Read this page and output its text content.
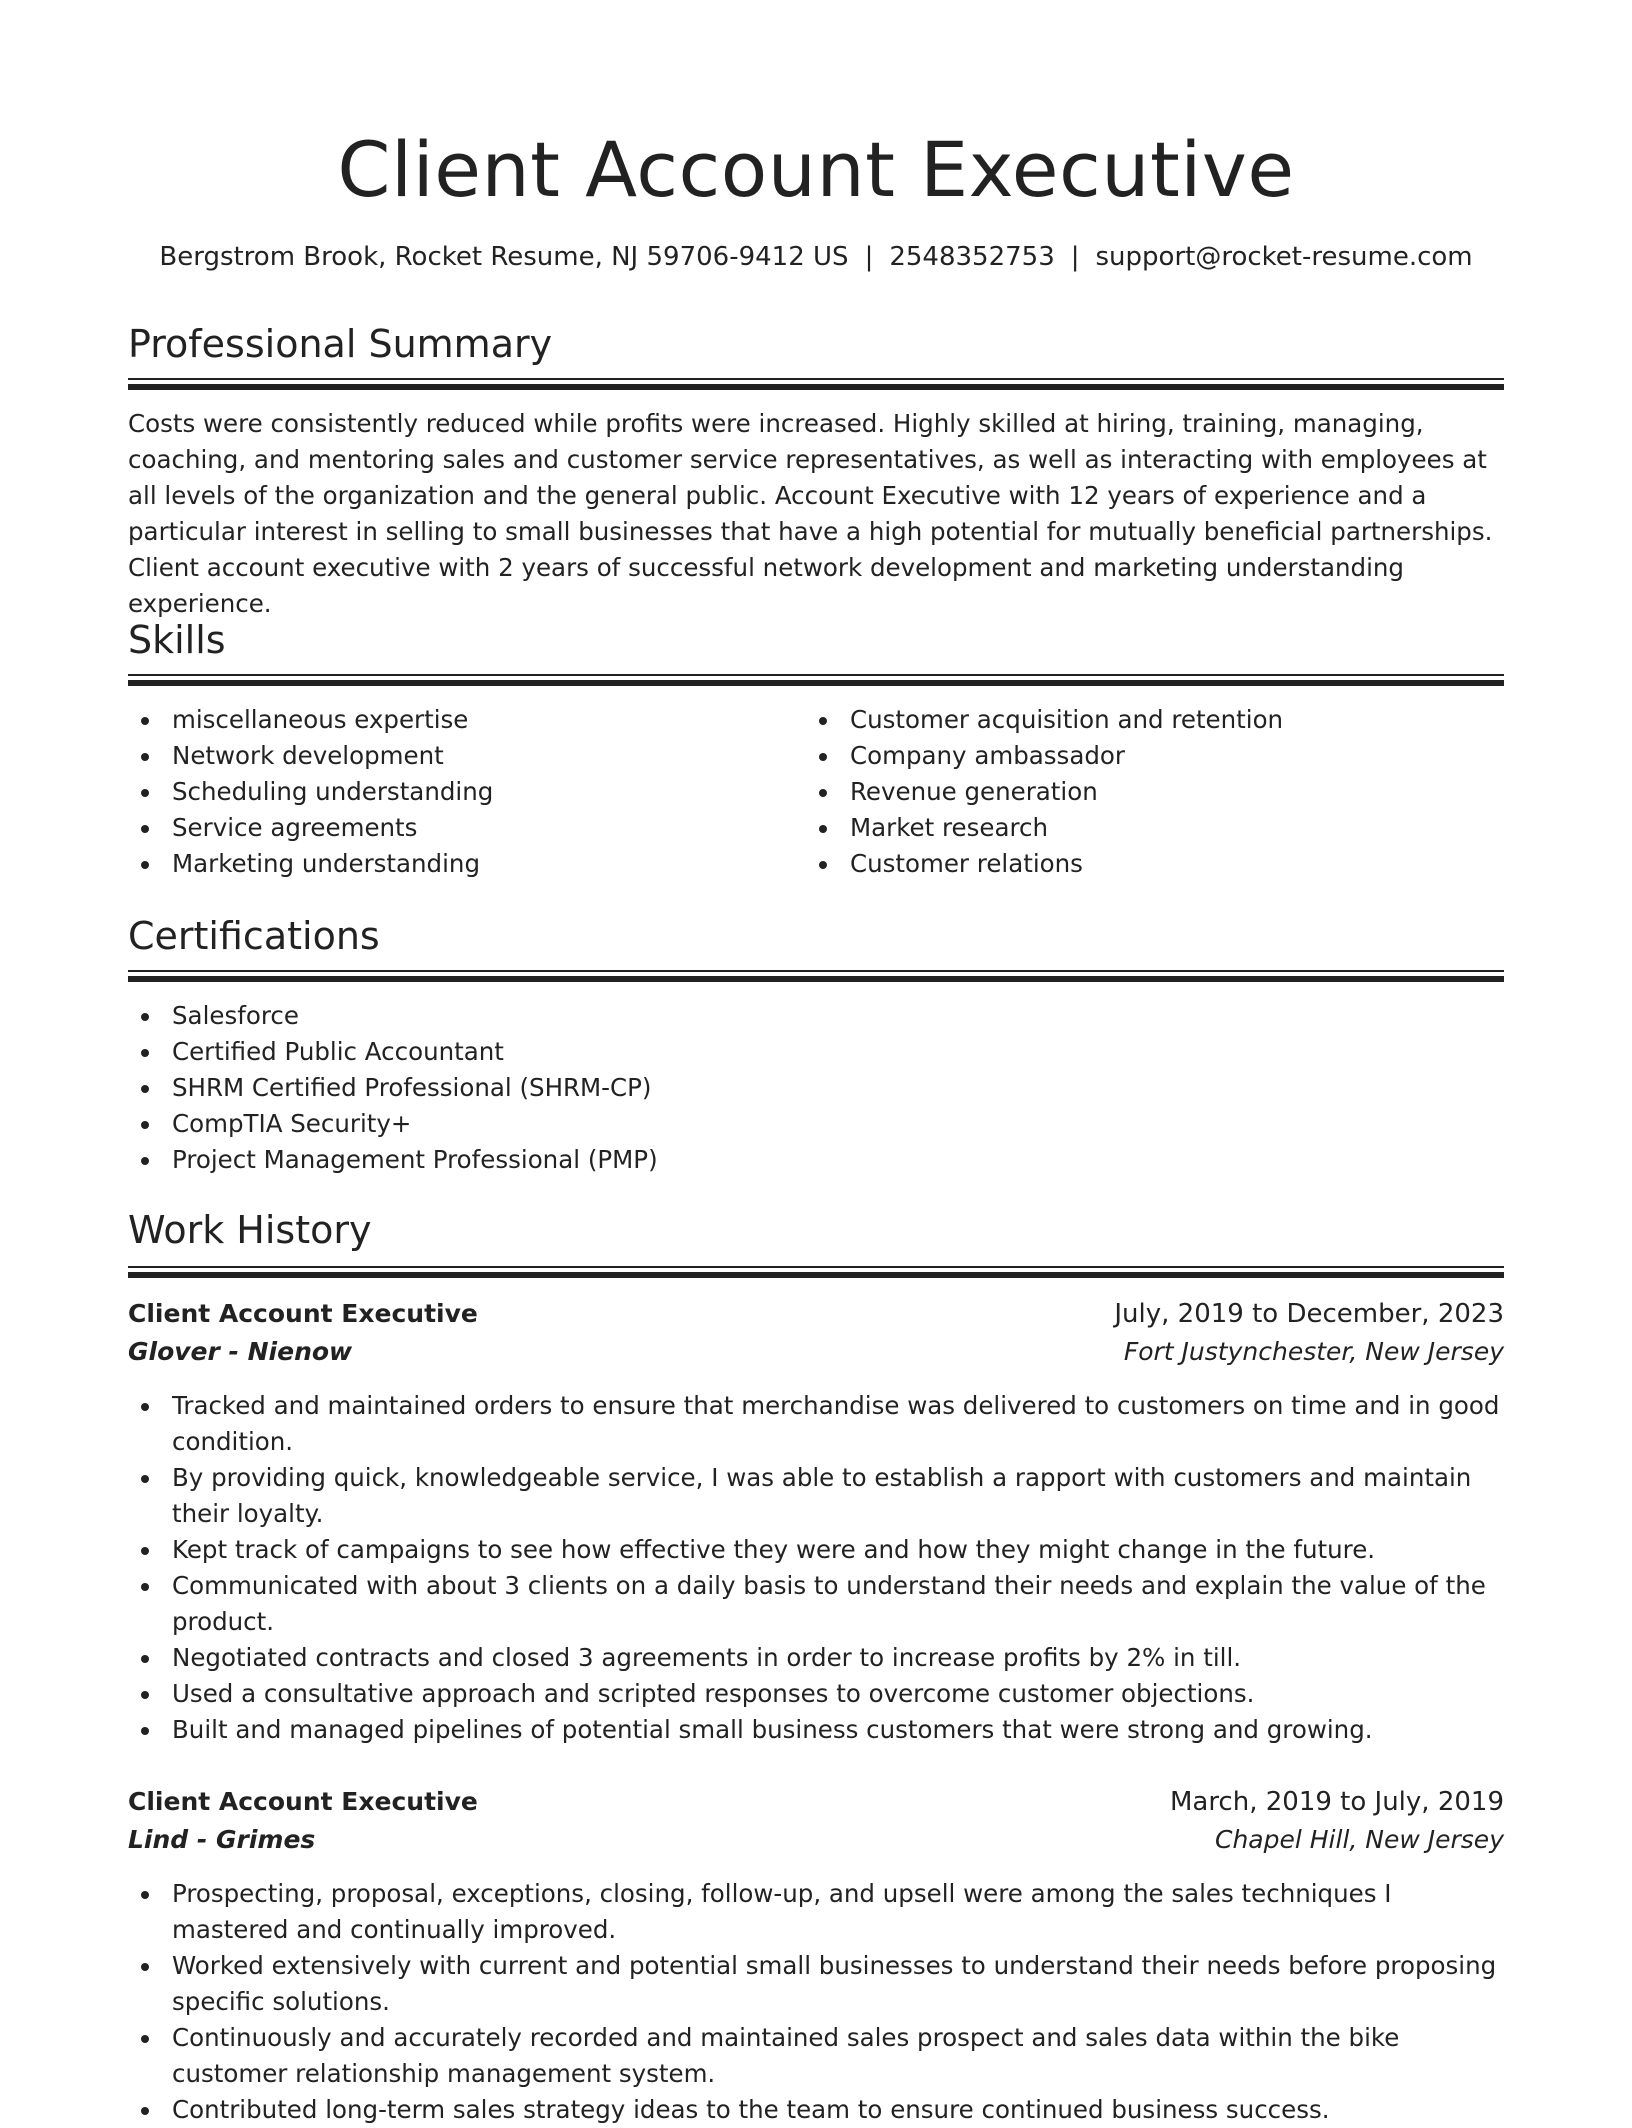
Client Account Executive
Bergstrom Brook, Rocket Resume, NJ 59706-9412 US | 2548352753 | support@rocket-resume.com
Professional Summary

Costs were consistently reduced while profits were increased. Highly skilled at hiring, training, managing, coaching, and mentoring sales and customer service representatives, as well as interacting with employees at all levels of the organization and the general public. Account Executive with 12 years of experience and a particular interest in selling to small businesses that have a high potential for mutually beneficial partnerships. Client account executive with 2 years of successful network development and marketing understanding experience.

Skills
miscellaneous expertise
Network development
Scheduling understanding
Service agreements
Marketing understanding
Customer acquisition and retention
Company ambassador
Revenue generation
Market research
Customer relations
Certifications
Salesforce
Certified Public Accountant
SHRM Certified Professional (SHRM-CP)
CompTIA Security+
Project Management Professional (PMP)
Work History
Client Account Executive	July, 2019 to December, 2023
Glover - Nienow	Fort Justynchester, New Jersey
Tracked and maintained orders to ensure that merchandise was delivered to customers on time and in good condition.
By providing quick, knowledgeable service, I was able to establish a rapport with customers and maintain their loyalty.
Kept track of campaigns to see how effective they were and how they might change in the future.
Communicated with about 3 clients on a daily basis to understand their needs and explain the value of the product.
Negotiated contracts and closed 3 agreements in order to increase profits by 2% in till.
Used a consultative approach and scripted responses to overcome customer objections.
Built and managed pipelines of potential small business customers that were strong and growing.
Client Account Executive	March, 2019 to July, 2019
Lind - Grimes	Chapel Hill, New Jersey
Prospecting, proposal, exceptions, closing, follow-up, and upsell were among the sales techniques I mastered and continually improved.
Worked extensively with current and potential small businesses to understand their needs before proposing specific solutions.
Continuously and accurately recorded and maintained sales prospect and sales data within the bike customer relationship management system.
Contributed long-term sales strategy ideas to the team to ensure continued business success.
